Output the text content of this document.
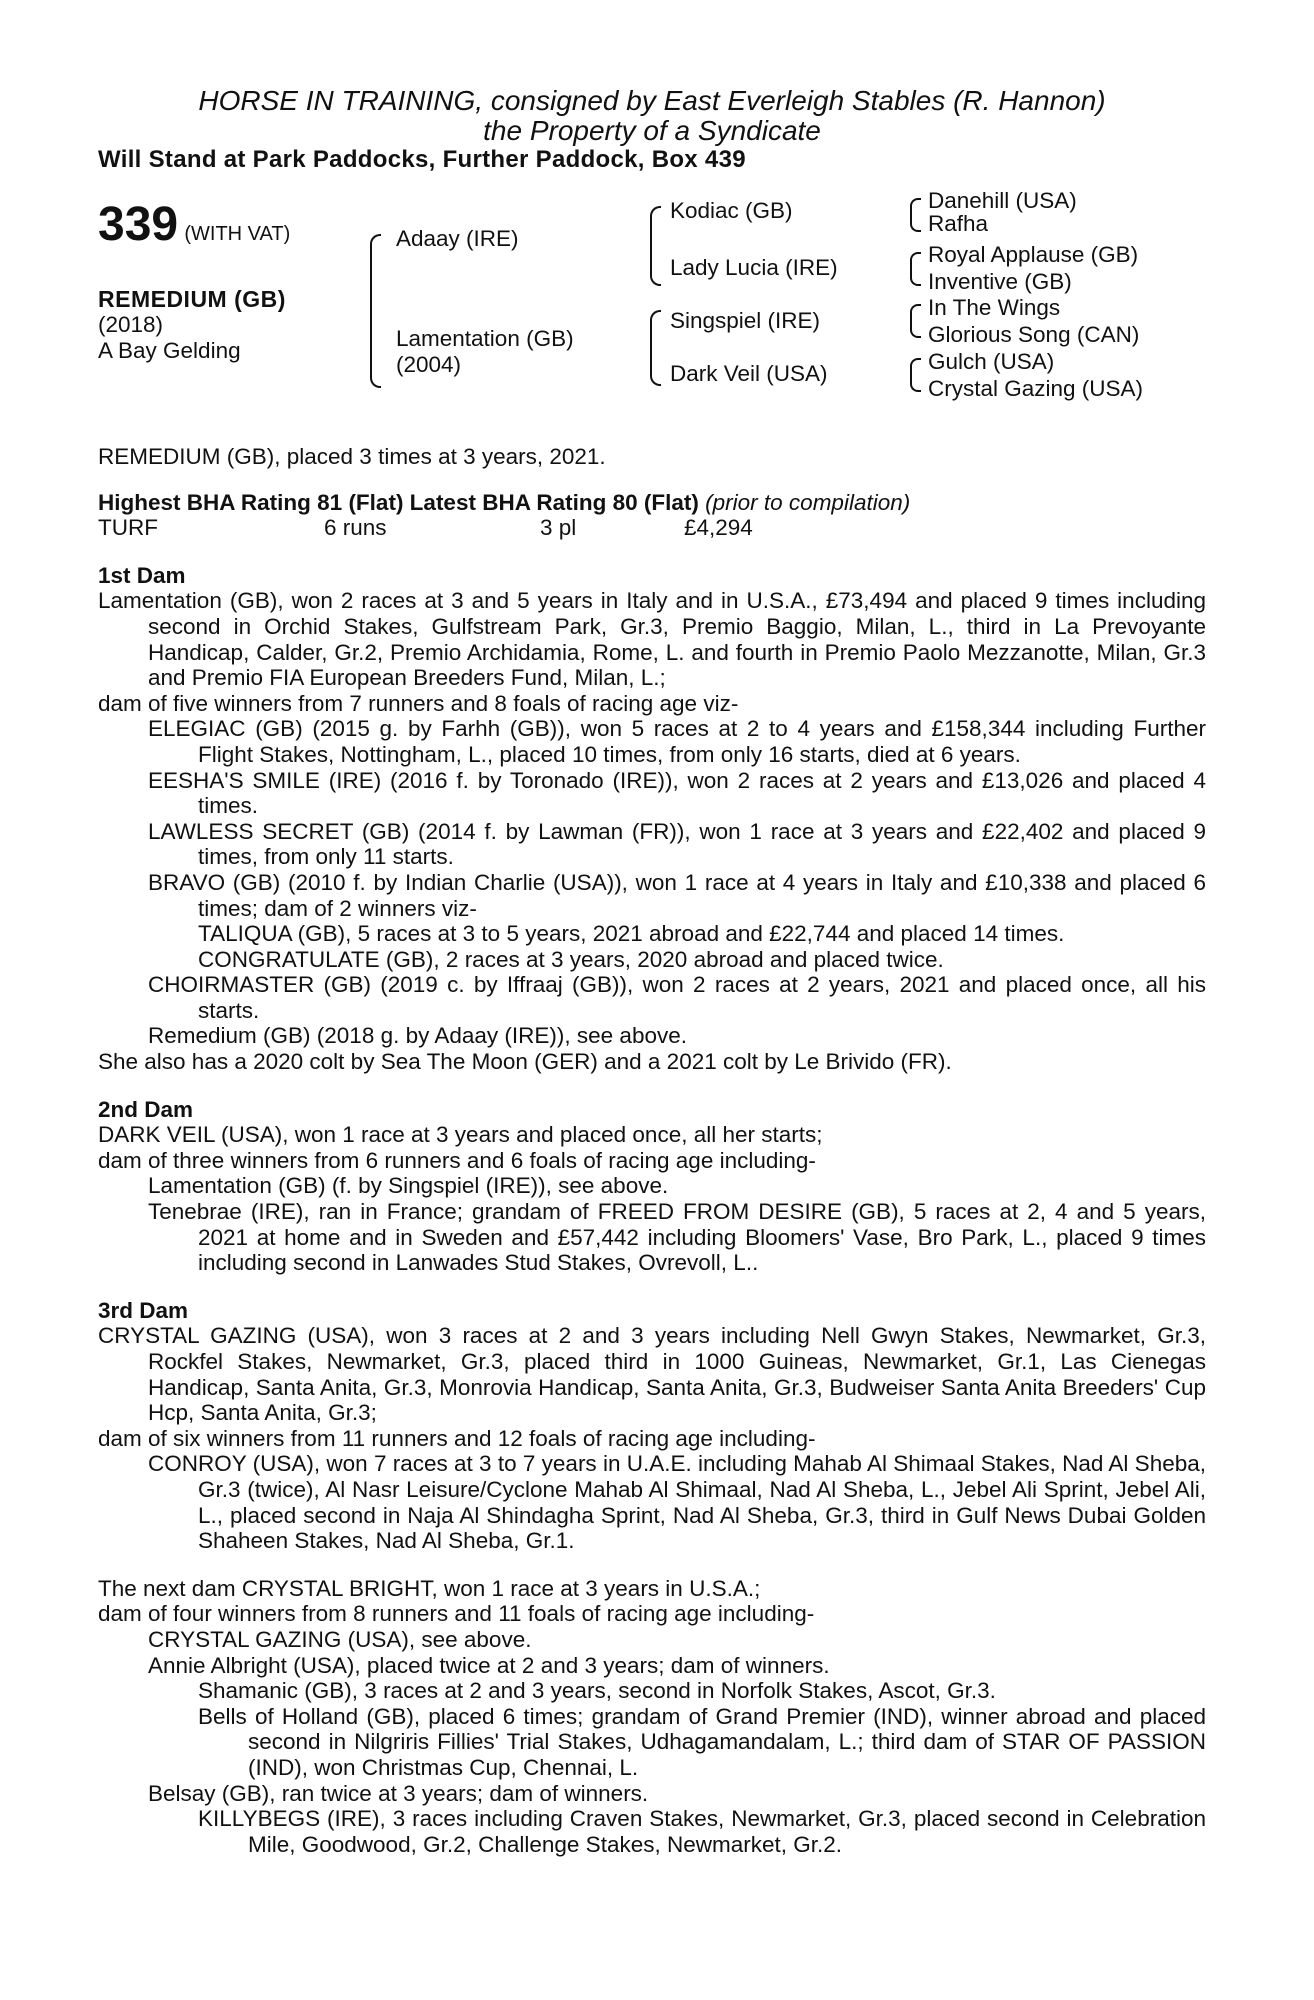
HORSE IN TRAINING, consigned by East Everleigh Stables (R. Hannon)
the Property of a Syndicate
Will Stand at Park Paddocks, Further Paddock, Box 439
339 (WITH VAT)
REMEDIUM (GB)
(2018)
A Bay Gelding
Adaay (IRE)
Lamentation (GB)
(2004)
Kodiac (GB)
Lady Lucia (IRE)
Singspiel (IRE)
Dark Veil (USA)
Danehill (USA)
Rafha
Royal Applause (GB)
Inventive (GB)
In The Wings
Glorious Song (CAN)
Gulch (USA)
Crystal Gazing (USA)
REMEDIUM (GB), placed 3 times at 3 years, 2021.
Highest BHA Rating 81 (Flat) Latest BHA Rating 80 (Flat) (prior to compilation)
TURF	6 runs	3 pl	£4,294
1st Dam
Lamentation (GB), won 2 races at 3 and 5 years in Italy and in U.S.A., £73,494 and placed 9 times including second in Orchid Stakes, Gulfstream Park, Gr.3, Premio Baggio, Milan, L., third in La Prevoyante Handicap, Calder, Gr.2, Premio Archidamia, Rome, L. and fourth in Premio Paolo Mezzanotte, Milan, Gr.3 and Premio FIA European Breeders Fund, Milan, L.;
dam of five winners from 7 runners and 8 foals of racing age viz-
ELEGIAC (GB) (2015 g. by Farhh (GB)), won 5 races at 2 to 4 years and £158,344 including Further Flight Stakes, Nottingham, L., placed 10 times, from only 16 starts, died at 6 years.
EESHA'S SMILE (IRE) (2016 f. by Toronado (IRE)), won 2 races at 2 years and £13,026 and placed 4 times.
LAWLESS SECRET (GB) (2014 f. by Lawman (FR)), won 1 race at 3 years and £22,402 and placed 9 times, from only 11 starts.
BRAVO (GB) (2010 f. by Indian Charlie (USA)), won 1 race at 4 years in Italy and £10,338 and placed 6 times; dam of 2 winners viz-
TALIQUA (GB), 5 races at 3 to 5 years, 2021 abroad and £22,744 and placed 14 times.
CONGRATULATE (GB), 2 races at 3 years, 2020 abroad and placed twice.
CHOIRMASTER (GB) (2019 c. by Iffraaj (GB)), won 2 races at 2 years, 2021 and placed once, all his starts.
Remedium (GB) (2018 g. by Adaay (IRE)), see above.
She also has a 2020 colt by Sea The Moon (GER) and a 2021 colt by Le Brivido (FR).
2nd Dam
DARK VEIL (USA), won 1 race at 3 years and placed once, all her starts;
dam of three winners from 6 runners and 6 foals of racing age including-
Lamentation (GB) (f. by Singspiel (IRE)), see above.
Tenebrae (IRE), ran in France; grandam of FREED FROM DESIRE (GB), 5 races at 2, 4 and 5 years, 2021 at home and in Sweden and £57,442 including Bloomers' Vase, Bro Park, L., placed 9 times including second in Lanwades Stud Stakes, Ovrevoll, L..
3rd Dam
CRYSTAL GAZING (USA), won 3 races at 2 and 3 years including Nell Gwyn Stakes, Newmarket, Gr.3, Rockfel Stakes, Newmarket, Gr.3, placed third in 1000 Guineas, Newmarket, Gr.1, Las Cienegas Handicap, Santa Anita, Gr.3, Monrovia Handicap, Santa Anita, Gr.3, Budweiser Santa Anita Breeders' Cup Hcp, Santa Anita, Gr.3;
dam of six winners from 11 runners and 12 foals of racing age including-
CONROY (USA), won 7 races at 3 to 7 years in U.A.E. including Mahab Al Shimaal Stakes, Nad Al Sheba, Gr.3 (twice), Al Nasr Leisure/Cyclone Mahab Al Shimaal, Nad Al Sheba, L., Jebel Ali Sprint, Jebel Ali, L., placed second in Naja Al Shindagha Sprint, Nad Al Sheba, Gr.3, third in Gulf News Dubai Golden Shaheen Stakes, Nad Al Sheba, Gr.1.
The next dam CRYSTAL BRIGHT, won 1 race at 3 years in U.S.A.;
dam of four winners from 8 runners and 11 foals of racing age including-
CRYSTAL GAZING (USA), see above.
Annie Albright (USA), placed twice at 2 and 3 years; dam of winners.
Shamanic (GB), 3 races at 2 and 3 years, second in Norfolk Stakes, Ascot, Gr.3.
Bells of Holland (GB), placed 6 times; grandam of Grand Premier (IND), winner abroad and placed second in Nilgriris Fillies' Trial Stakes, Udhagamandalam, L.; third dam of STAR OF PASSION (IND), won Christmas Cup, Chennai, L.
Belsay (GB), ran twice at 3 years; dam of winners.
KILLYBEGS (IRE), 3 races including Craven Stakes, Newmarket, Gr.3, placed second in Celebration Mile, Goodwood, Gr.2, Challenge Stakes, Newmarket, Gr.2.
